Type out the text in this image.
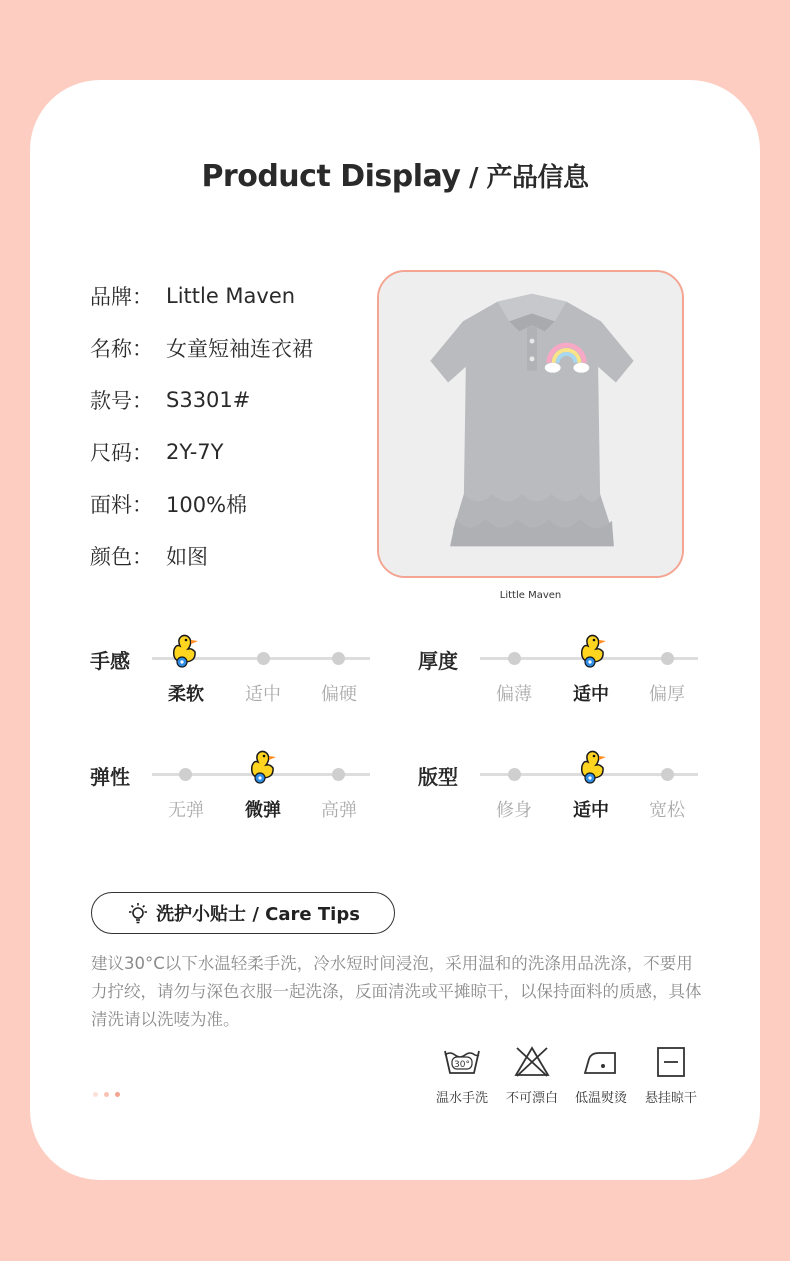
Product Display / 产品信息
品牌： Little Maven
名称： 女童短袖连衣裙
款号： S3301#
尺码： 2Y-7Y
面料： 100%棉
颜色： 如图
Little Maven
手感
柔软	适中	偏硬
厚度
偏薄	适中	偏厚
弹性
无弹	微弹	高弹
版型
修身	适中	宽松
洗护小贴士 / Care Tips
建议30°C以下水温轻柔手洗，冷水短时间浸泡，采用温和的洗涤用品洗涤，不要用力拧绞，请勿与深色衣服一起洗涤，反面清洗或平摊晾干，以保持面料的质感，具体清洗请以洗唛为准。
30°
温水手洗	不可漂白	低温熨烫	悬挂晾干
